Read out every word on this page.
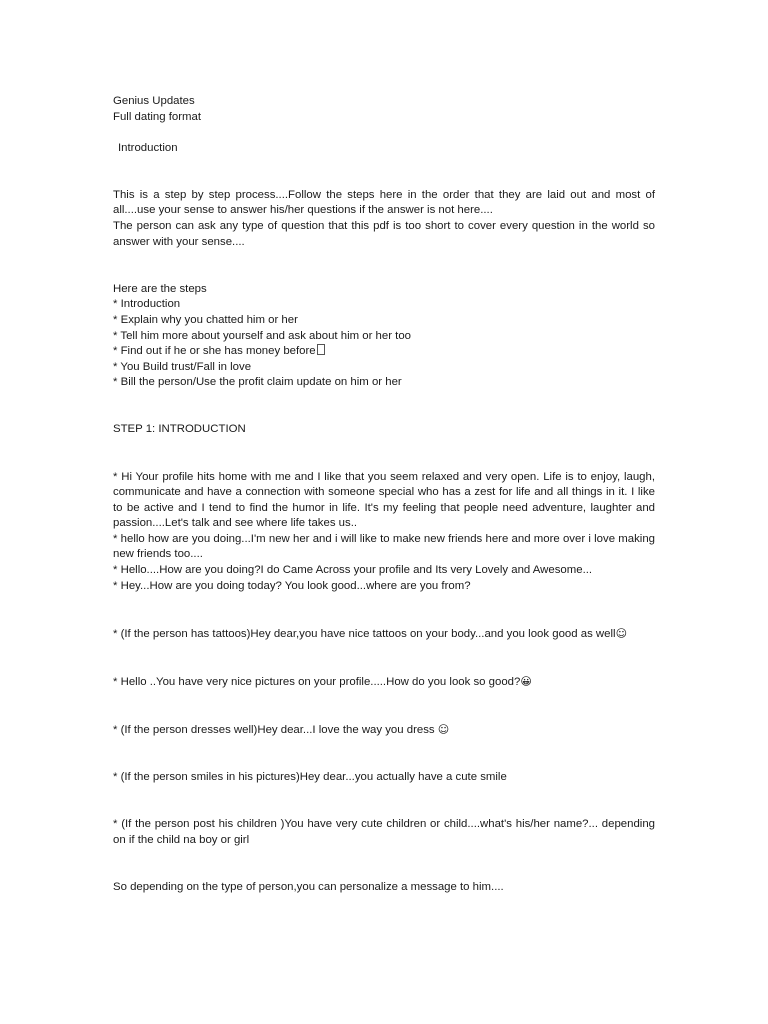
Genius Updates
Full dating format
Introduction
This is a step by step process....Follow the steps here in the order that they are laid out and most of all....use your sense to answer his/her questions if the answer is not here....
The person can ask any type of question that this pdf is too short to cover every question in the world so answer with your sense....
Here are the steps
* Introduction
* Explain why you chatted him or her
* Tell him more about yourself and ask about him or her too
* Find out if he or she has money before
* You Build trust/Fall in love
* Bill the person/Use the profit claim update on him or her
STEP 1: INTRODUCTION
* Hi Your profile hits home with me and I like that you seem relaxed and very open. Life is to enjoy, laugh, communicate and have a connection with someone special who has a zest for life and all things in it. I like to be active and I tend to find the humor in life. It's my feeling that people need adventure, laughter and passion....Let's talk and see where life takes us..
* hello how are you doing...I'm new her and i will like to make new friends here and more over i love making new friends too....
* Hello....How are you doing?I do Came Across your profile and Its very Lovely and Awesome...
* Hey...How are you doing today? You look good...where are you from?
* (If the person has tattoos)Hey dear,you have nice tattoos on your body...and you look good as well☺
* Hello ..You have very nice pictures on your profile.....How do you look so good?😀
* (If the person dresses well)Hey dear...I love the way you dress ☺
* (If the person smiles in his pictures)Hey dear...you actually have a cute smile
* (If the person post his children )You have very cute children or child....what's his/her name?... depending on if the child na boy or girl
So depending on the type of person,you can personalize a message to him....
